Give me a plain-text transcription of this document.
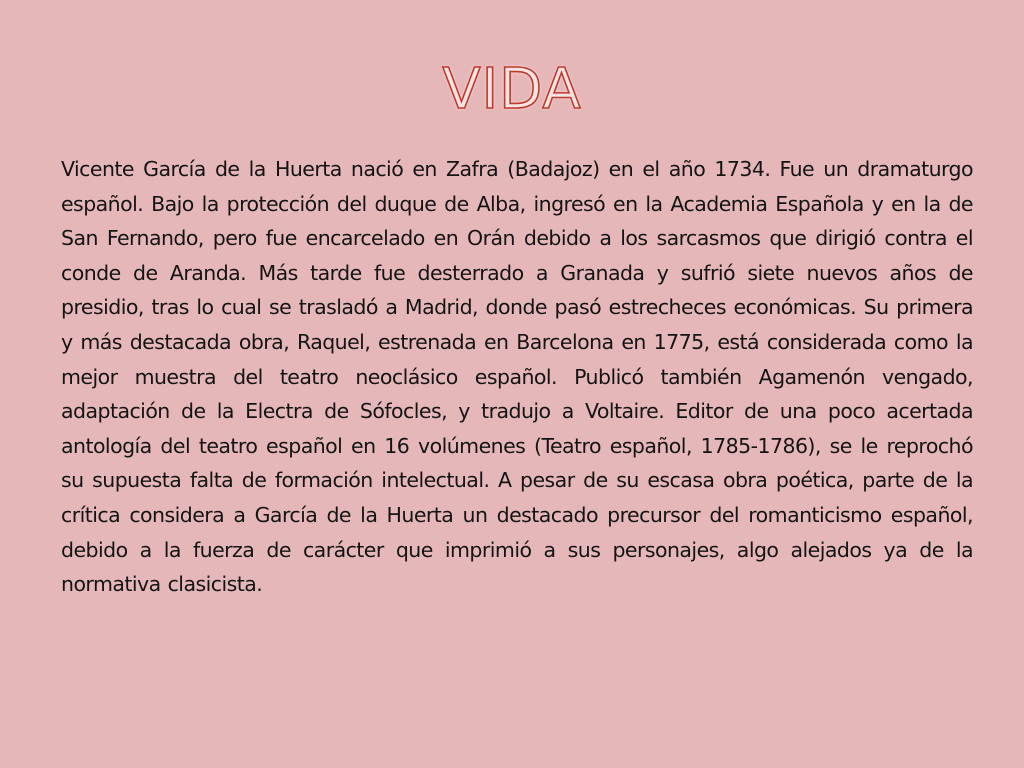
VIDA

Vicente García de la Huerta nació en Zafra (Badajoz) en el año 1734. Fue un dramaturgo español. Bajo la protección del duque de Alba, ingresó en la Academia Española y en la de San Fernando, pero fue encarcelado en Orán debido a los sarcasmos que dirigió contra el conde de Aranda. Más tarde fue desterrado a Granada y sufrió siete nuevos años de presidio, tras lo cual se trasladó a Madrid, donde pasó estrecheces económicas. Su primera y más destacada obra, Raquel, estrenada en Barcelona en 1775, está considerada como la mejor muestra del teatro neoclásico español. Publicó también Agamenón vengado, adaptación de la Electra de Sófocles, y tradujo a Voltaire. Editor de una poco acertada antología del teatro español en 16 volúmenes (Teatro español, 1785-1786), se le reprochó su supuesta falta de formación intelectual. A pesar de su escasa obra poética, parte de la crítica considera a García de la Huerta un destacado precursor del romanticismo español, debido a la fuerza de carácter que imprimió a sus personajes, algo alejados ya de la normativa clasicista.
